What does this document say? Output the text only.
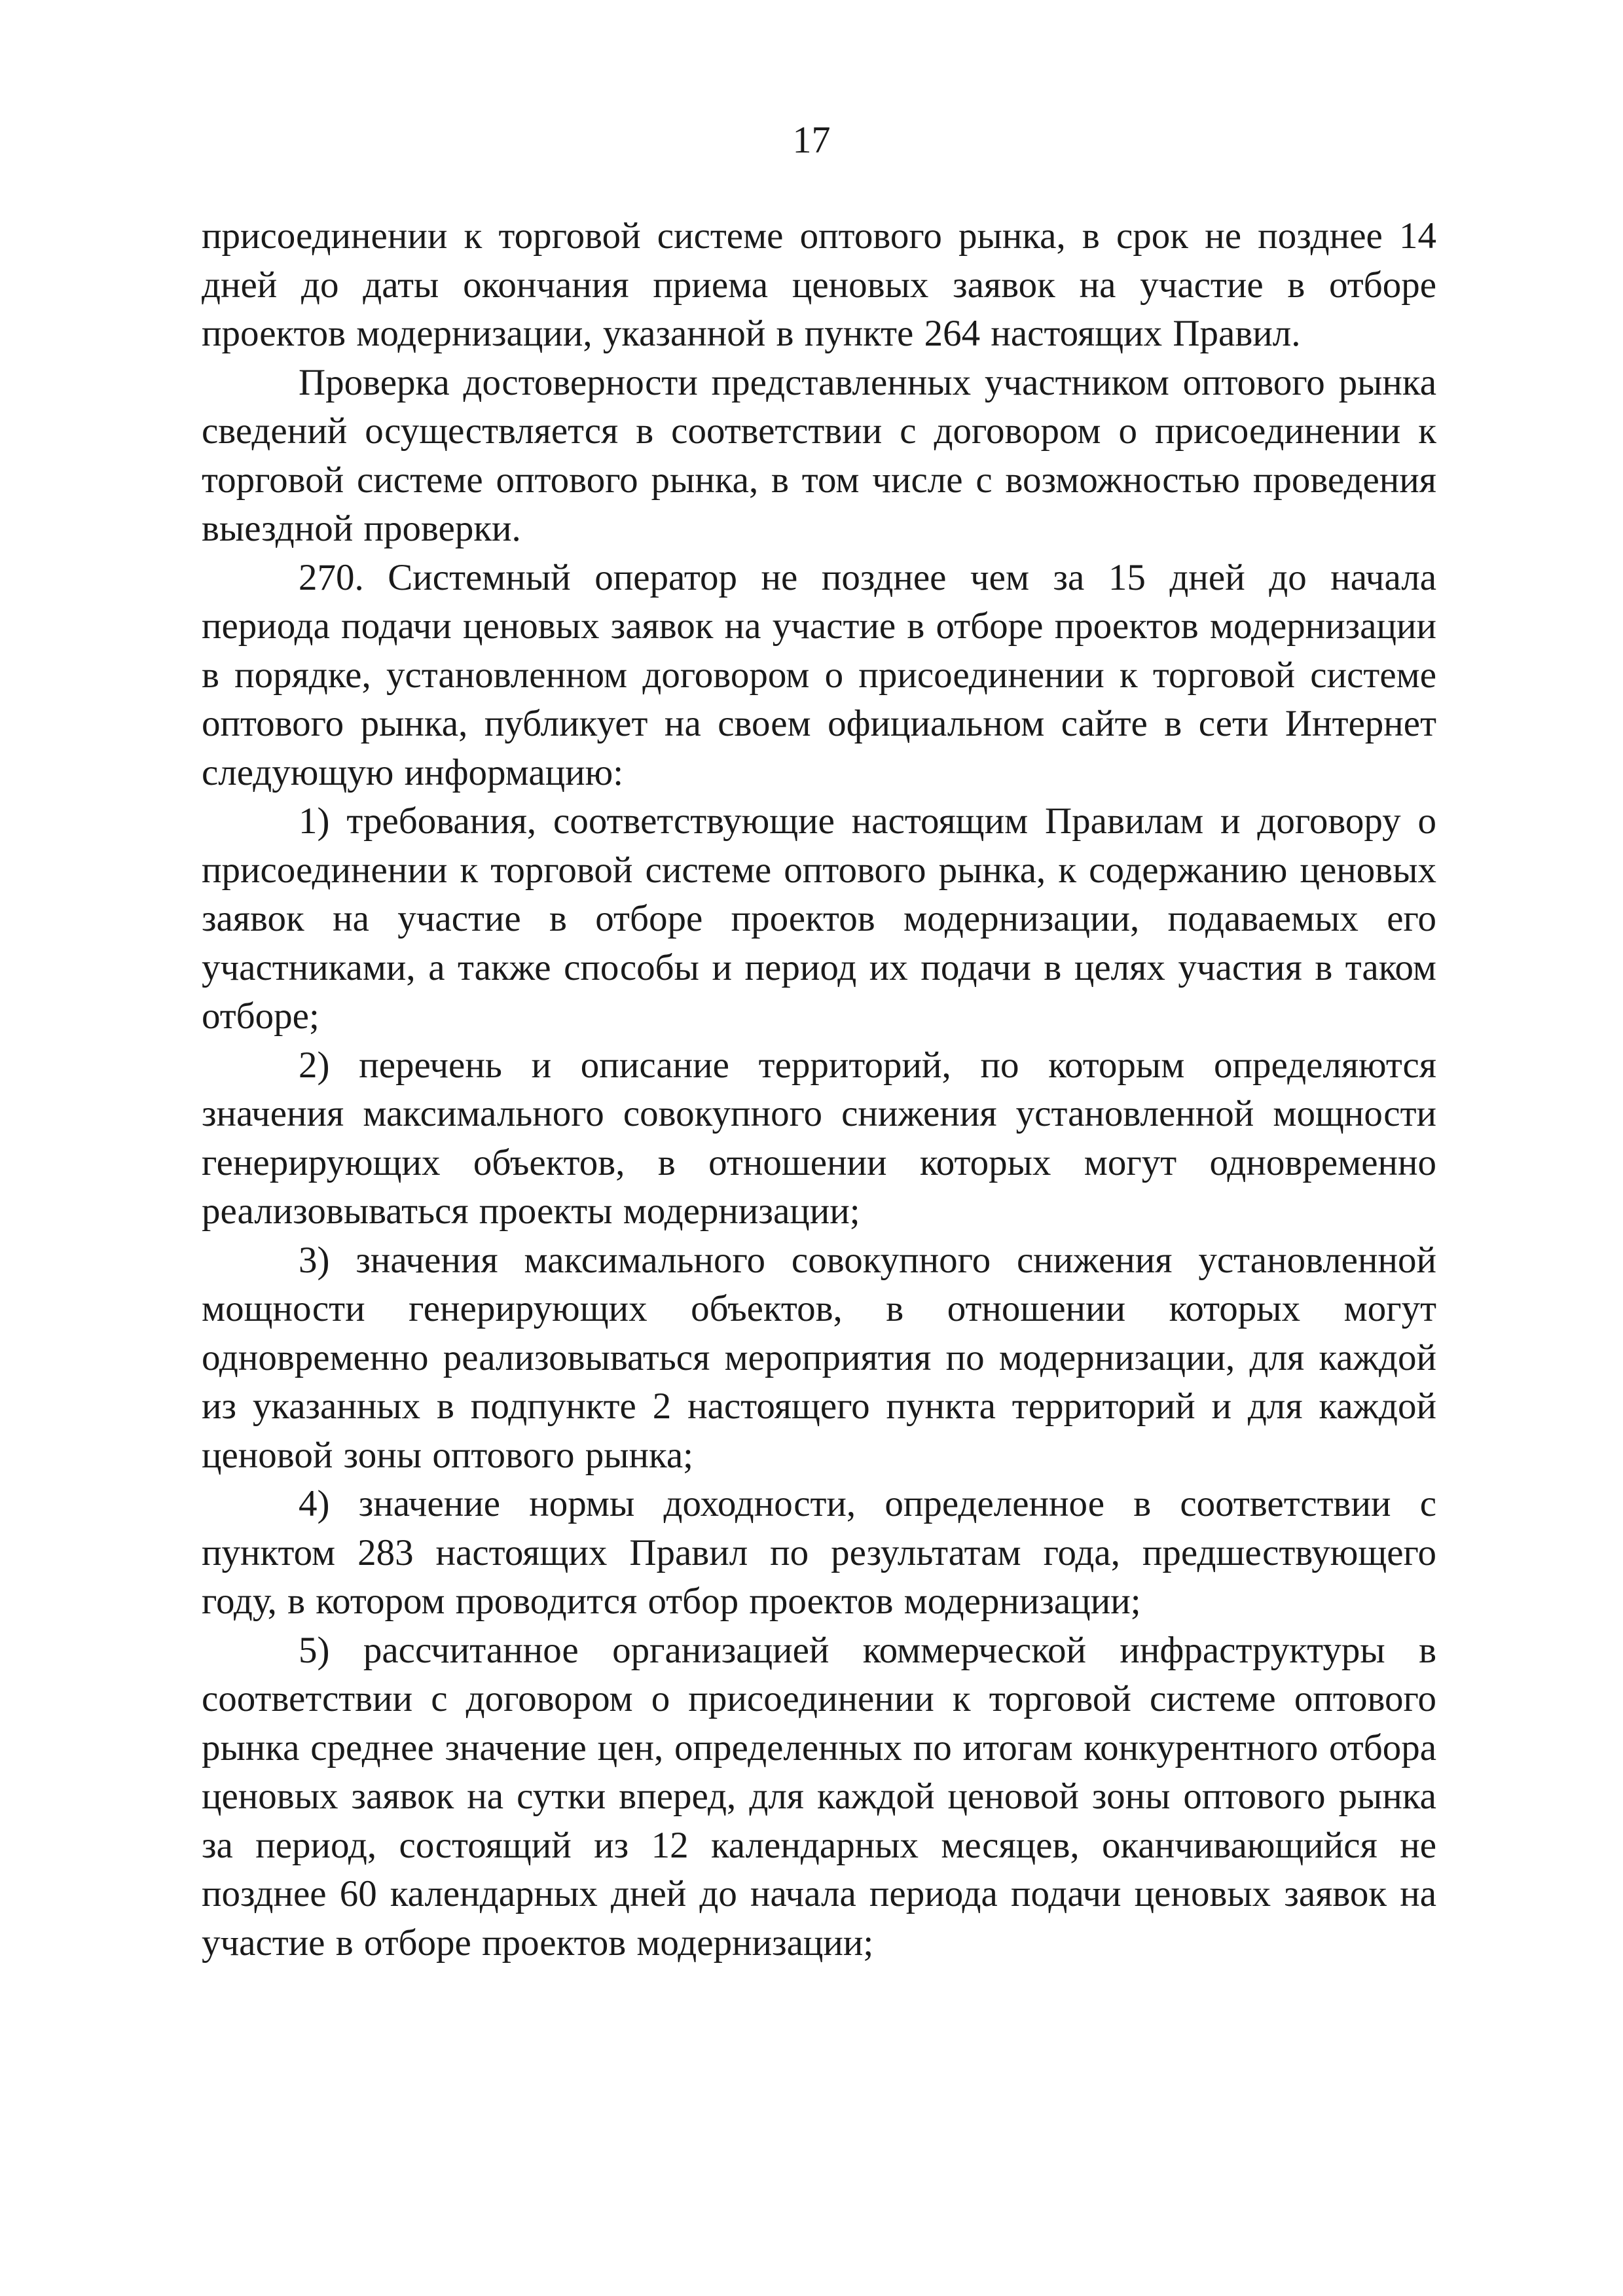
17

присоединении к торговой системе оптового рынка, в срок не позднее 14 дней до даты окончания приема ценовых заявок на участие в отборе проектов модернизации, указанной в пункте 264 настоящих Правил.

Проверка достоверности представленных участником оптового рынка сведений осуществляется в соответствии с договором о присоединении к торговой системе оптового рынка, в том числе с возможностью проведения выездной проверки.

270. Системный оператор не позднее чем за 15 дней до начала периода подачи ценовых заявок на участие в отборе проектов модернизации в порядке, установленном договором о присоединении к торговой системе оптового рынка, публикует на своем официальном сайте в сети Интернет следующую информацию:

1) требования, соответствующие настоящим Правилам и договору о присоединении к торговой системе оптового рынка, к содержанию ценовых заявок на участие в отборе проектов модернизации, подаваемых его участниками, а также способы и период их подачи в целях участия в таком отборе;

2) перечень и описание территорий, по которым определяются значения максимального совокупного снижения установленной мощности генерирующих объектов, в отношении которых могут одновременно реализовываться проекты модернизации;

3) значения максимального совокупного снижения установленной мощности генерирующих объектов, в отношении которых могут одновременно реализовываться мероприятия по модернизации, для каждой из указанных в подпункте 2 настоящего пункта территорий и для каждой ценовой зоны оптового рынка;

4) значение нормы доходности, определенное в соответствии с пунктом 283 настоящих Правил по результатам года, предшествующего году, в котором проводится отбор проектов модернизации;

5) рассчитанное организацией коммерческой инфраструктуры в соответствии с договором о присоединении к торговой системе оптового рынка среднее значение цен, определенных по итогам конкурентного отбора ценовых заявок на сутки вперед, для каждой ценовой зоны оптового рынка за период, состоящий из 12 календарных месяцев, оканчивающийся не позднее 60 календарных дней до начала периода подачи ценовых заявок на участие в отборе проектов модернизации;
